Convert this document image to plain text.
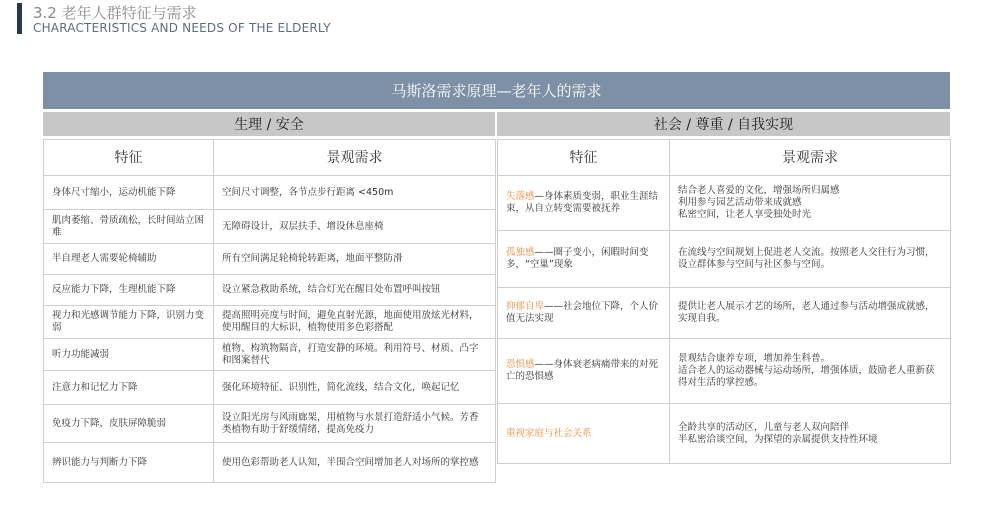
3.2 老年人群特征与需求
CHARACTERISTICS AND NEEDS OF THE ELDERLY
马斯洛需求原理—老年人的需求
生理 / 安全	社会 / 尊重 / 自我实现
特征	景观需求
身体尺寸缩小，运动机能下降	空间尺寸调整，各节点步行距离 <450m
肌肉萎缩、骨质疏松，长时间站立困难	无障碍设计，双层扶手、增设休息座椅
半自理老人需要轮椅辅助	所有空间满足轮椅轮转距离，地面平整防滑
反应能力下降，生理机能下降	设立紧急救助系统，结合灯光在醒目处布置呼叫按钮
视力和光感调节能力下降，识别力变弱	提高照明亮度与时间，避免直射光源，地面使用放炫光材料，使用醒目的大标识，植物使用多色彩搭配
听力功能减弱	植物、构筑物隔音，打造安静的环境。利用符号、材质、凸字和图案替代
注意力和记忆力下降	强化环境特征、识别性，简化流线，结合文化，唤起记忆
免疫力下降，皮肤屏障脆弱	设立阳光房与风雨廊架，用植物与水景打造舒适小气候。芳香类植物有助于舒缓情绪，提高免疫力
辨识能力与判断力下降	使用色彩帮助老人认知，半围合空间增加老人对场所的掌控感
特征	景观需求
失落感—身体素质变弱，职业生涯结束，从自立转变需要被抚养	结合老人喜爱的文化，增强场所归属感
利用参与园艺活动带来成就感
私密空间，让老人享受独处时光
孤独感——圈子变小，闲暇时间变多，“空巢”现象	在流线与空间规划上促进老人交流。按照老人交往行为习惯，设立群体参与空间与社区参与空间。
抑郁自卑——社会地位下降，个人价值无法实现	提供让老人展示才艺的场所，老人通过参与活动增强成就感，实现自我。
恐惧感——身体衰老病痛带来的对死亡的恐惧感	景观结合康养专项，增加养生科普。
适合老人的运动器械与运动场所，增强体质，鼓励老人重新获得对生活的掌控感。
重视家庭与社会关系	全龄共享的活动区，儿童与老人双向陪伴
半私密洽谈空间，为探望的亲属提供支持性环境
